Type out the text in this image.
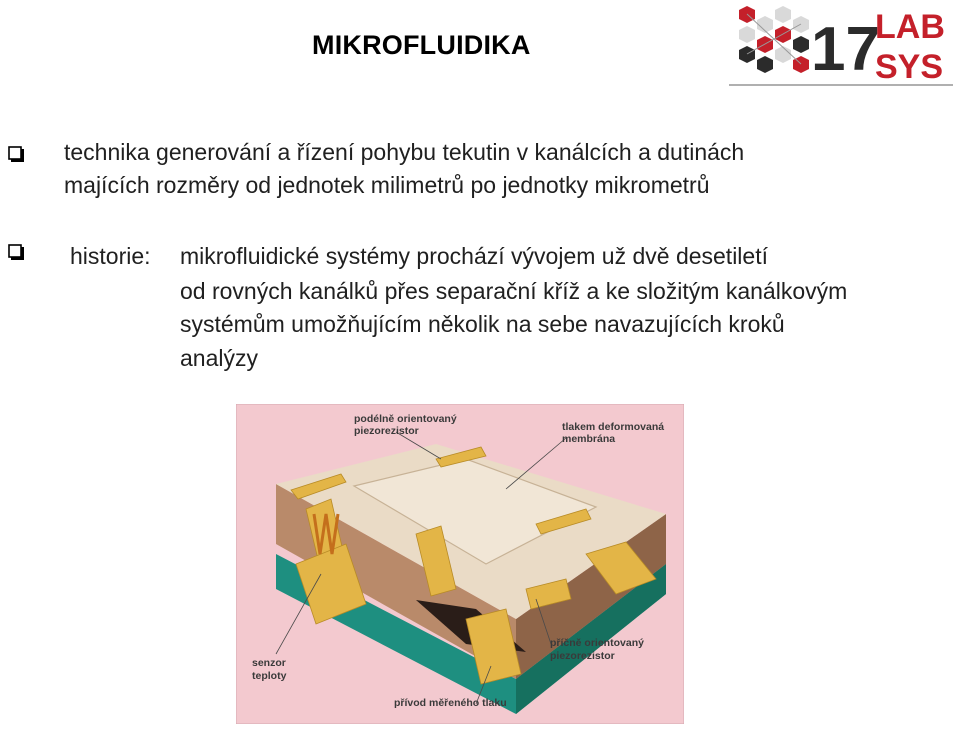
MIKROFLUIDIKA	17
LAB
SYS
technika generování a řízení pohybu tekutin v kanálcích a dutinách
majících rozměry od jednotek milimetrů po jednotky mikrometrů
historie: mikrofluidické systémy prochází vývojem už dvě desetiletí
od rovných kanálků přes separační kříž a ke složitým kanálkovým
systémům umožňujícím několik na sebe navazujících kroků
analýzy
podélně orientovaný
piezorezistor	tlakem deformovaná
membrána
senzor
teploty
příčně orientovaný
piezorezistor
přívod měřeného tlaku
